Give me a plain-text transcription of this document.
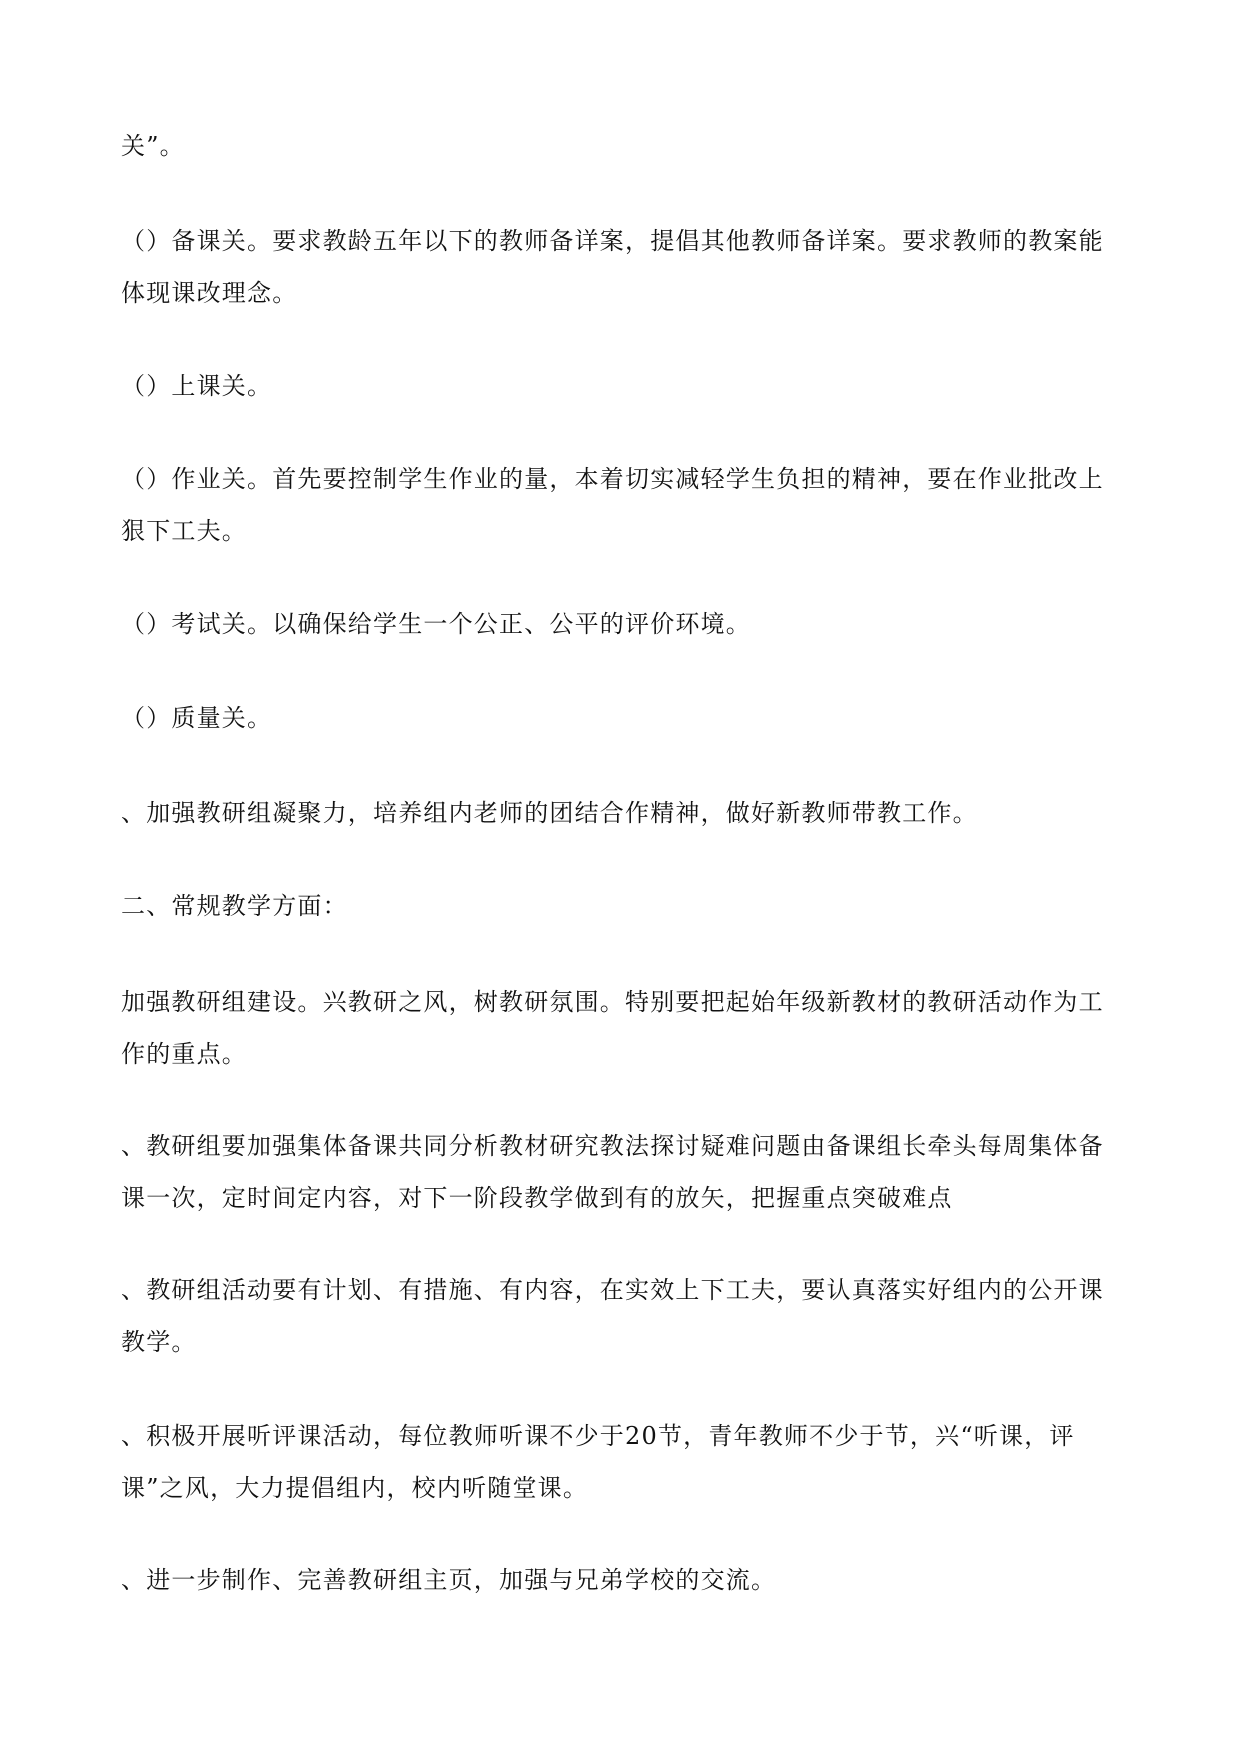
关”。

（）备课关。要求教龄五年以下的教师备详案，提倡其他教师备详案。要求教师的教案能体现课改理念。

（）上课关。

（）作业关。首先要控制学生作业的量，本着切实减轻学生负担的精神，要在作业批改上狠下工夫。

（）考试关。以确保给学生一个公正、公平的评价环境。

（）质量关。

、加强教研组凝聚力，培养组内老师的团结合作精神，做好新教师带教工作。

二、常规教学方面：

加强教研组建设。兴教研之风，树教研氛围。特别要把起始年级新教材的教研活动作为工作的重点。

、教研组要加强集体备课共同分析教材研究教法探讨疑难问题由备课组长牵头每周集体备课一次，定时间定内容，对下一阶段教学做到有的放矢，把握重点突破难点

、教研组活动要有计划、有措施、有内容，在实效上下工夫，要认真落实好组内的公开课教学。

、积极开展听评课活动，每位教师听课不少于20节，青年教师不少于节，兴“听课，评课”之风，大力提倡组内，校内听随堂课。

、进一步制作、完善教研组主页，加强与兄弟学校的交流。
